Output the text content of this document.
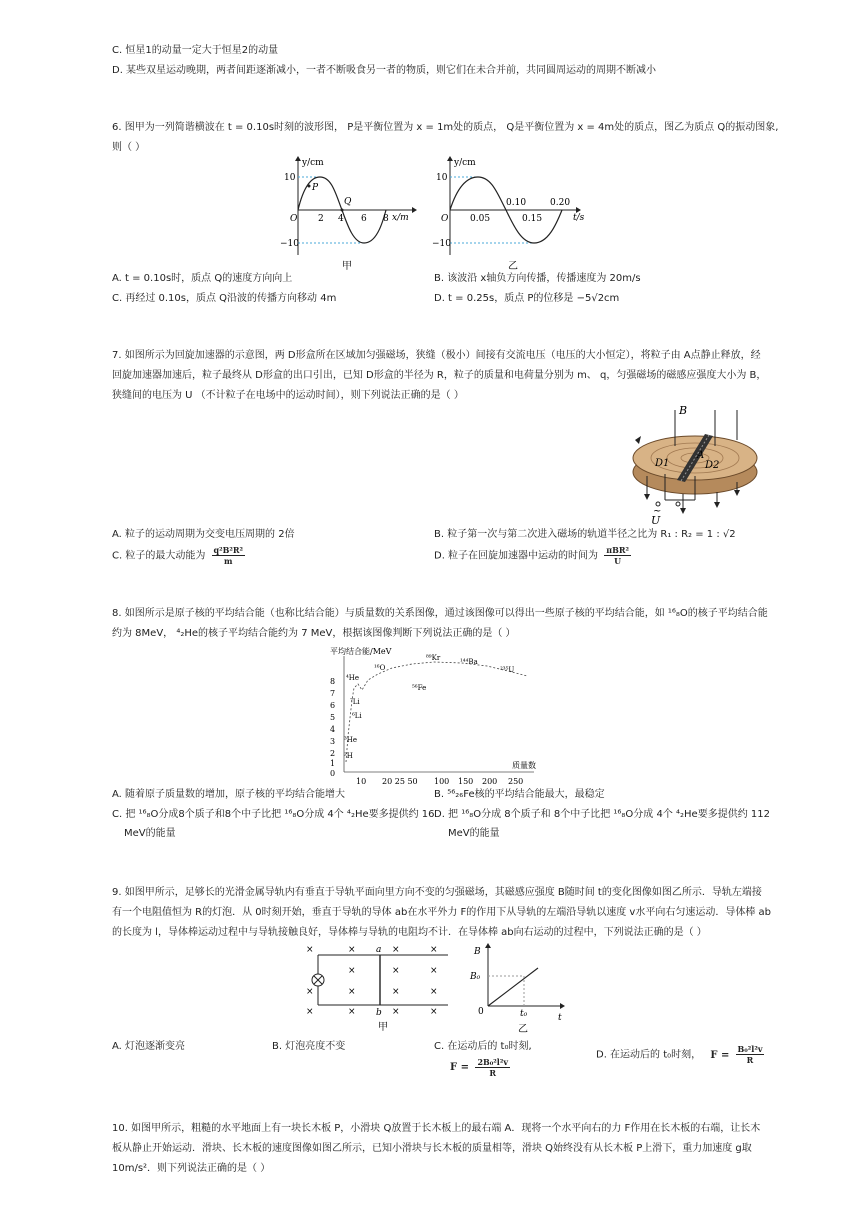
C. 恒星1的动量一定大于恒星2的动量
D. 某些双星运动晚期，两者间距逐渐减小，一者不断吸食另一者的物质，则它们在未合并前，共同圆周运动的周期不断减小
6. 图甲为一列简谐横波在 t = 0.10s时刻的波形图， P是平衡位置为 x = 1m处的质点， Q是平衡位置为 x = 4m处的质点，图乙为质点 Q的振动图象,
则（ ）
y/cm
10
−10
O 2 4 6 8 x/m
P
Q
甲
y/cm
10
−10
O 0.05
0.10
0.15
0.20
t/s
乙
A. t = 0.10s时，质点 Q的速度方向向上	B. 该波沿 x轴负方向传播，传播速度为 20m/s
C. 再经过 0.10s，质点 Q沿波的传播方向移动 4m	D. t = 0.25s，质点 P的位移是 −5√2cm
7. 如图所示为回旋加速器的示意图，两 D形盒所在区域加匀强磁场，狭缝（极小）间接有交流电压（电压的大小恒定），将粒子由 A点静止释放，经
回旋加速器加速后，粒子最终从 D形盒的出口引出，已知 D形盒的半径为 R，粒子的质量和电荷量分别为 m、 q，匀强磁场的磁感应强度大小为 B，
狭缝间的电压为 U （不计粒子在电场中的运动时间），则下列说法正确的是（ ）
B
A
D1	D2
~
U
A. 粒子的运动周期为交变电压周期的 2倍	B. 粒子第一次与第二次进入磁场的轨道半径之比为 R₁ : R₂ = 1 : √2
C. 粒子的最大动能为 $\frac{\text{q²B²R²}}{m}$	D. 粒子在回旋加速器中运动的时间为 $\frac{\text{πBR²}}{U}$
8. 如图所示是原子核的平均结合能（也称比结合能）与质量数的关系图像，通过该图像可以得出一些原子核的平均结合能，如 ¹⁶₈O的核子平均结合能
约为 8MeV， ⁴₂He的核子平均结合能约为 7 MeV，根据该图像判断下列说法正确的是（ ）
平均结合能/MeV
8
7
6
5
4
3
2
1
0
¹⁶O
⁴He
⁸⁹Kr	¹⁴⁴Ba
²³⁵U
⁵⁶Fe
⁷Li
⁶Li
³He
²H
10 20 25 50 100 150 200 250
质量数
A. 随着原子质量数的增加，原子核的平均结合能增大	B. ⁵⁶₂₆Fe核的平均结合能最大，最稳定
C. 把 ¹⁶₈O分成8个质子和8个中子比把 ¹⁶₈O分成 4个 ⁴₂He要多提供约 16
MeV的能量
D. 把 ¹⁶₈O分成 8个质子和 8个中子比把 ¹⁶₈O分成 4个 ⁴₂He要多提供约 112
MeV的能量
9. 如图甲所示，足够长的光滑金属导轨内有垂直于导轨平面向里方向不变的匀强磁场，其磁感应强度 B随时间 t的变化图像如图乙所示．导轨左端接
有一个电阻值恒为 R的灯泡．从 0时刻开始，垂直于导轨的导体 ab在水平外力 F的作用下从导轨的左端沿导轨以速度 v水平向右匀速运动．导体棒 ab
的长度为 l，导体棒运动过程中与导轨接触良好，导体棒与导轨的电阻均不计．在导体棒 ab向右运动的过程中，下列说法正确的是（ ）
×	×	×	×
×	×	×
×	×	×	×
×	×	×	×
a
b
甲
B
B₀
0	t₀	t
乙
A. 灯泡逐渐变亮	B. 灯泡亮度不变	C. 在运动后的 t₀时刻,
$F = \frac{\text{2B₀²l²v}}{R}$
D. 在运动后的 t₀时刻， $F = \frac{\text{B₀²l²v}}{R}$
10. 如图甲所示，粗糙的水平地面上有一块长木板 P，小滑块 Q放置于长木板上的最右端 A．现将一个水平向右的力 F作用在长木板的右端，让长木
板从静止开始运动．滑块、长木板的速度图像如图乙所示，已知小滑块与长木板的质量相等，滑块 Q始终没有从长木板 P上滑下，重力加速度 g取
10m/s²．则下列说法正确的是（ ）
